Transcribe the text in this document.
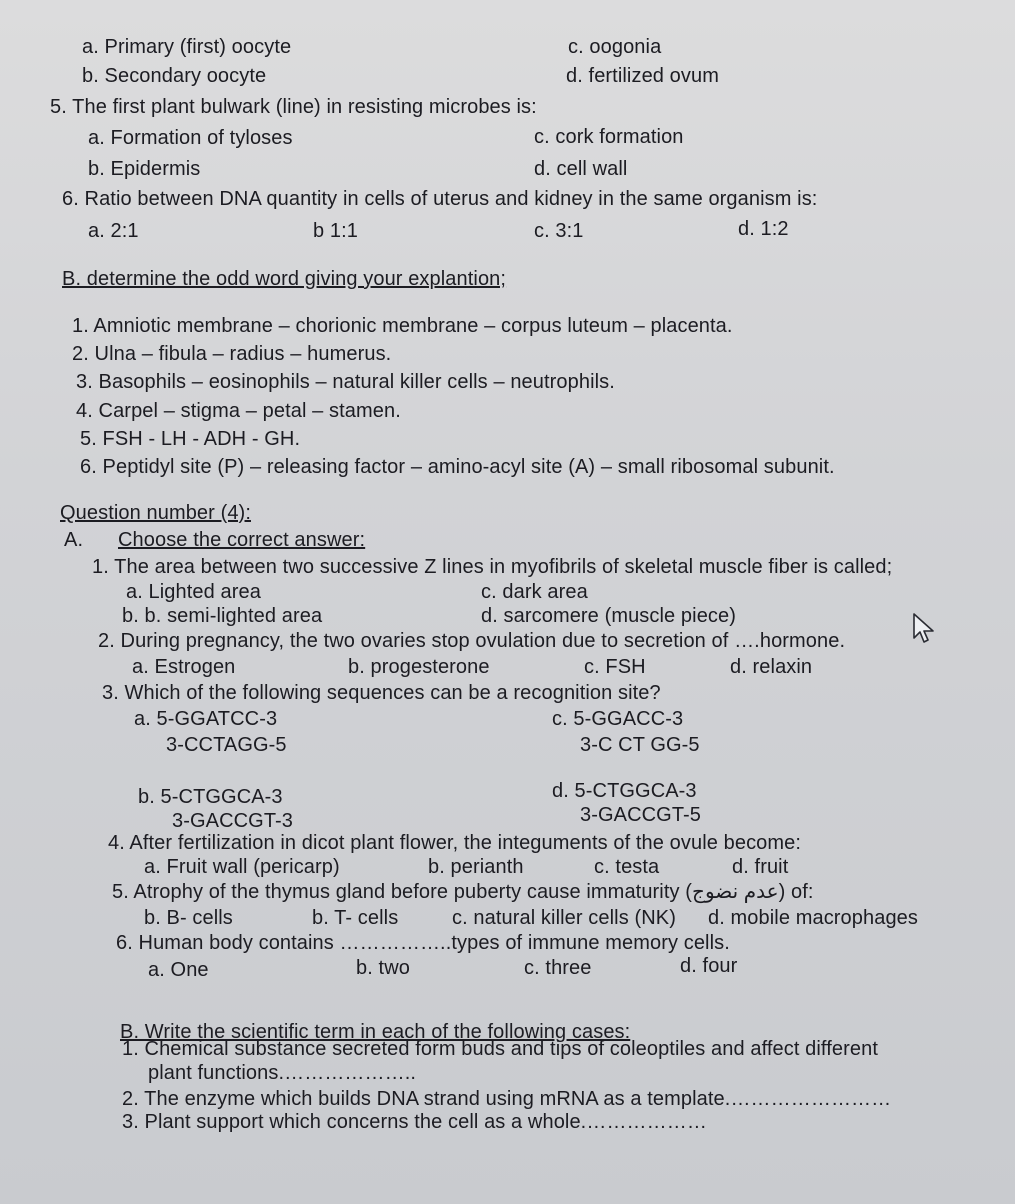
a. Primary (first) oocyte	c. oogonia
b. Secondary oocyte	d. fertilized ovum
5. The first plant bulwark (line) in resisting microbes is:
a. Formation of tyloses	c. cork formation
b. Epidermis	d. cell wall
6. Ratio between DNA quantity in cells of uterus and kidney in the same organism is:
a. 2:1	b 1:1	c. 3:1	d. 1:2
B. determine the odd word giving your explantion;
1. Amniotic membrane – chorionic membrane – corpus luteum – placenta.
2. Ulna – fibula – radius – humerus.
3. Basophils – eosinophils – natural killer cells – neutrophils.
4. Carpel – stigma – petal – stamen.
5. FSH - LH - ADH - GH.
6. Peptidyl site (P) – releasing factor – amino-acyl site (A) – small ribosomal subunit.
Question number (4):
A. Choose the correct answer:
1. The area between two successive Z lines in myofibrils of skeletal muscle fiber is called;
a. Lighted area	c. dark area
b. b. semi-lighted area	d. sarcomere (muscle piece)
2. During pregnancy, the two ovaries stop ovulation due to secretion of ….hormone.
a. Estrogen	b. progesterone	c. FSH	d. relaxin
3. Which of the following sequences can be a recognition site?
a. 5-GGATCC-3
3-CCTAGG-5
c. 5-GGACC-3
3-C CT GG-5
b. 5-CTGGCA-3
3-GACCGT-3
d. 5-CTGGCA-3
3-GACCGT-5
4. After fertilization in dicot plant flower, the integuments of the ovule become:
a. Fruit wall (pericarp)	b. perianth	c. testa	d. fruit
5. Atrophy of the thymus gland before puberty cause immaturity (عدم نضوج) of:
b. B- cells	b. T- cells	c. natural killer cells (NK) d. mobile macrophages
6. Human body contains ……………..types of immune memory cells.
a. One	b. two	c. three	d. four
B. Write the scientific term in each of the following cases:
1. Chemical substance secreted form buds and tips of coleoptiles and affect different
plant functions.………………..
2. The enzyme which builds DNA strand using mRNA as a template.……………………
3. Plant support which concerns the cell as a whole.………………
